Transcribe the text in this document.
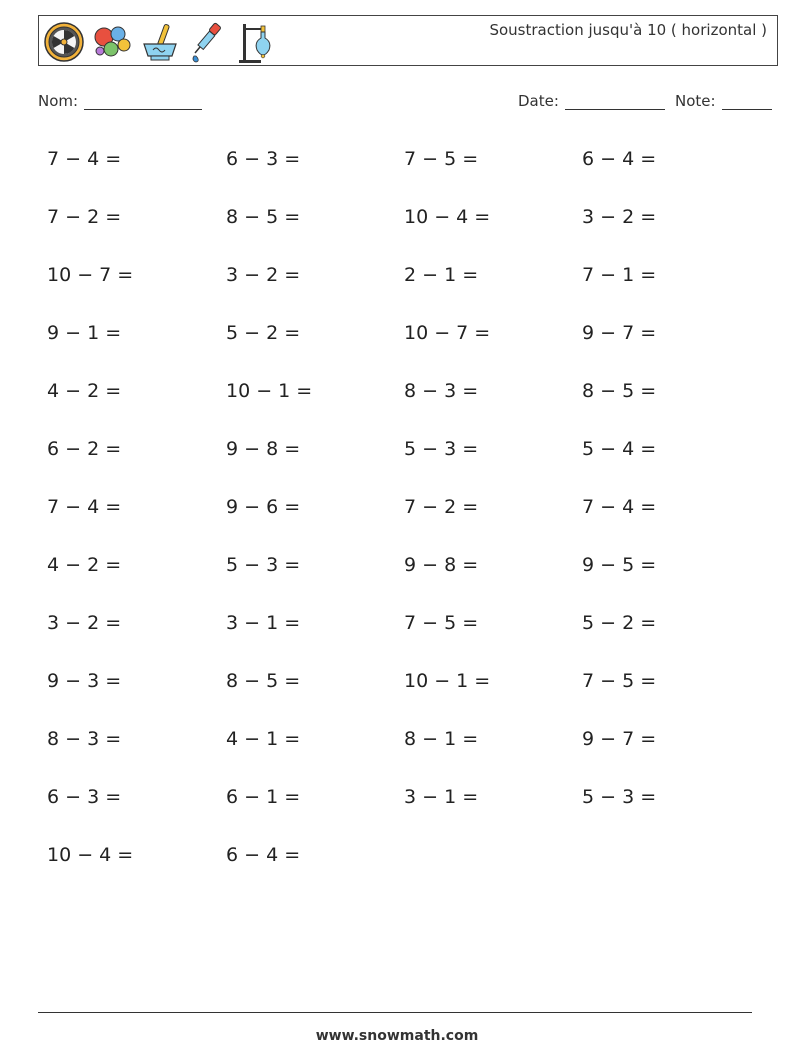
Soustraction jusqu'à 10 ( horizontal )
Nom:	Date:	Note:
7 − 4 =	6 − 3 =	7 − 5 =	6 − 4 =
7 − 2 =	8 − 5 =	10 − 4 =	3 − 2 =
10 − 7 =	3 − 2 =	2 − 1 =	7 − 1 =
9 − 1 =	5 − 2 =	10 − 7 =	9 − 7 =
4 − 2 =	10 − 1 =	8 − 3 =	8 − 5 =
6 − 2 =	9 − 8 =	5 − 3 =	5 − 4 =
7 − 4 =	9 − 6 =	7 − 2 =	7 − 4 =
4 − 2 =	5 − 3 =	9 − 8 =	9 − 5 =
3 − 2 =	3 − 1 =	7 − 5 =	5 − 2 =
9 − 3 =	8 − 5 =	10 − 1 =	7 − 5 =
8 − 3 =	4 − 1 =	8 − 1 =	9 − 7 =
6 − 3 =	6 − 1 =	3 − 1 =	5 − 3 =
10 − 4 =	6 − 4 =
www.snowmath.com
